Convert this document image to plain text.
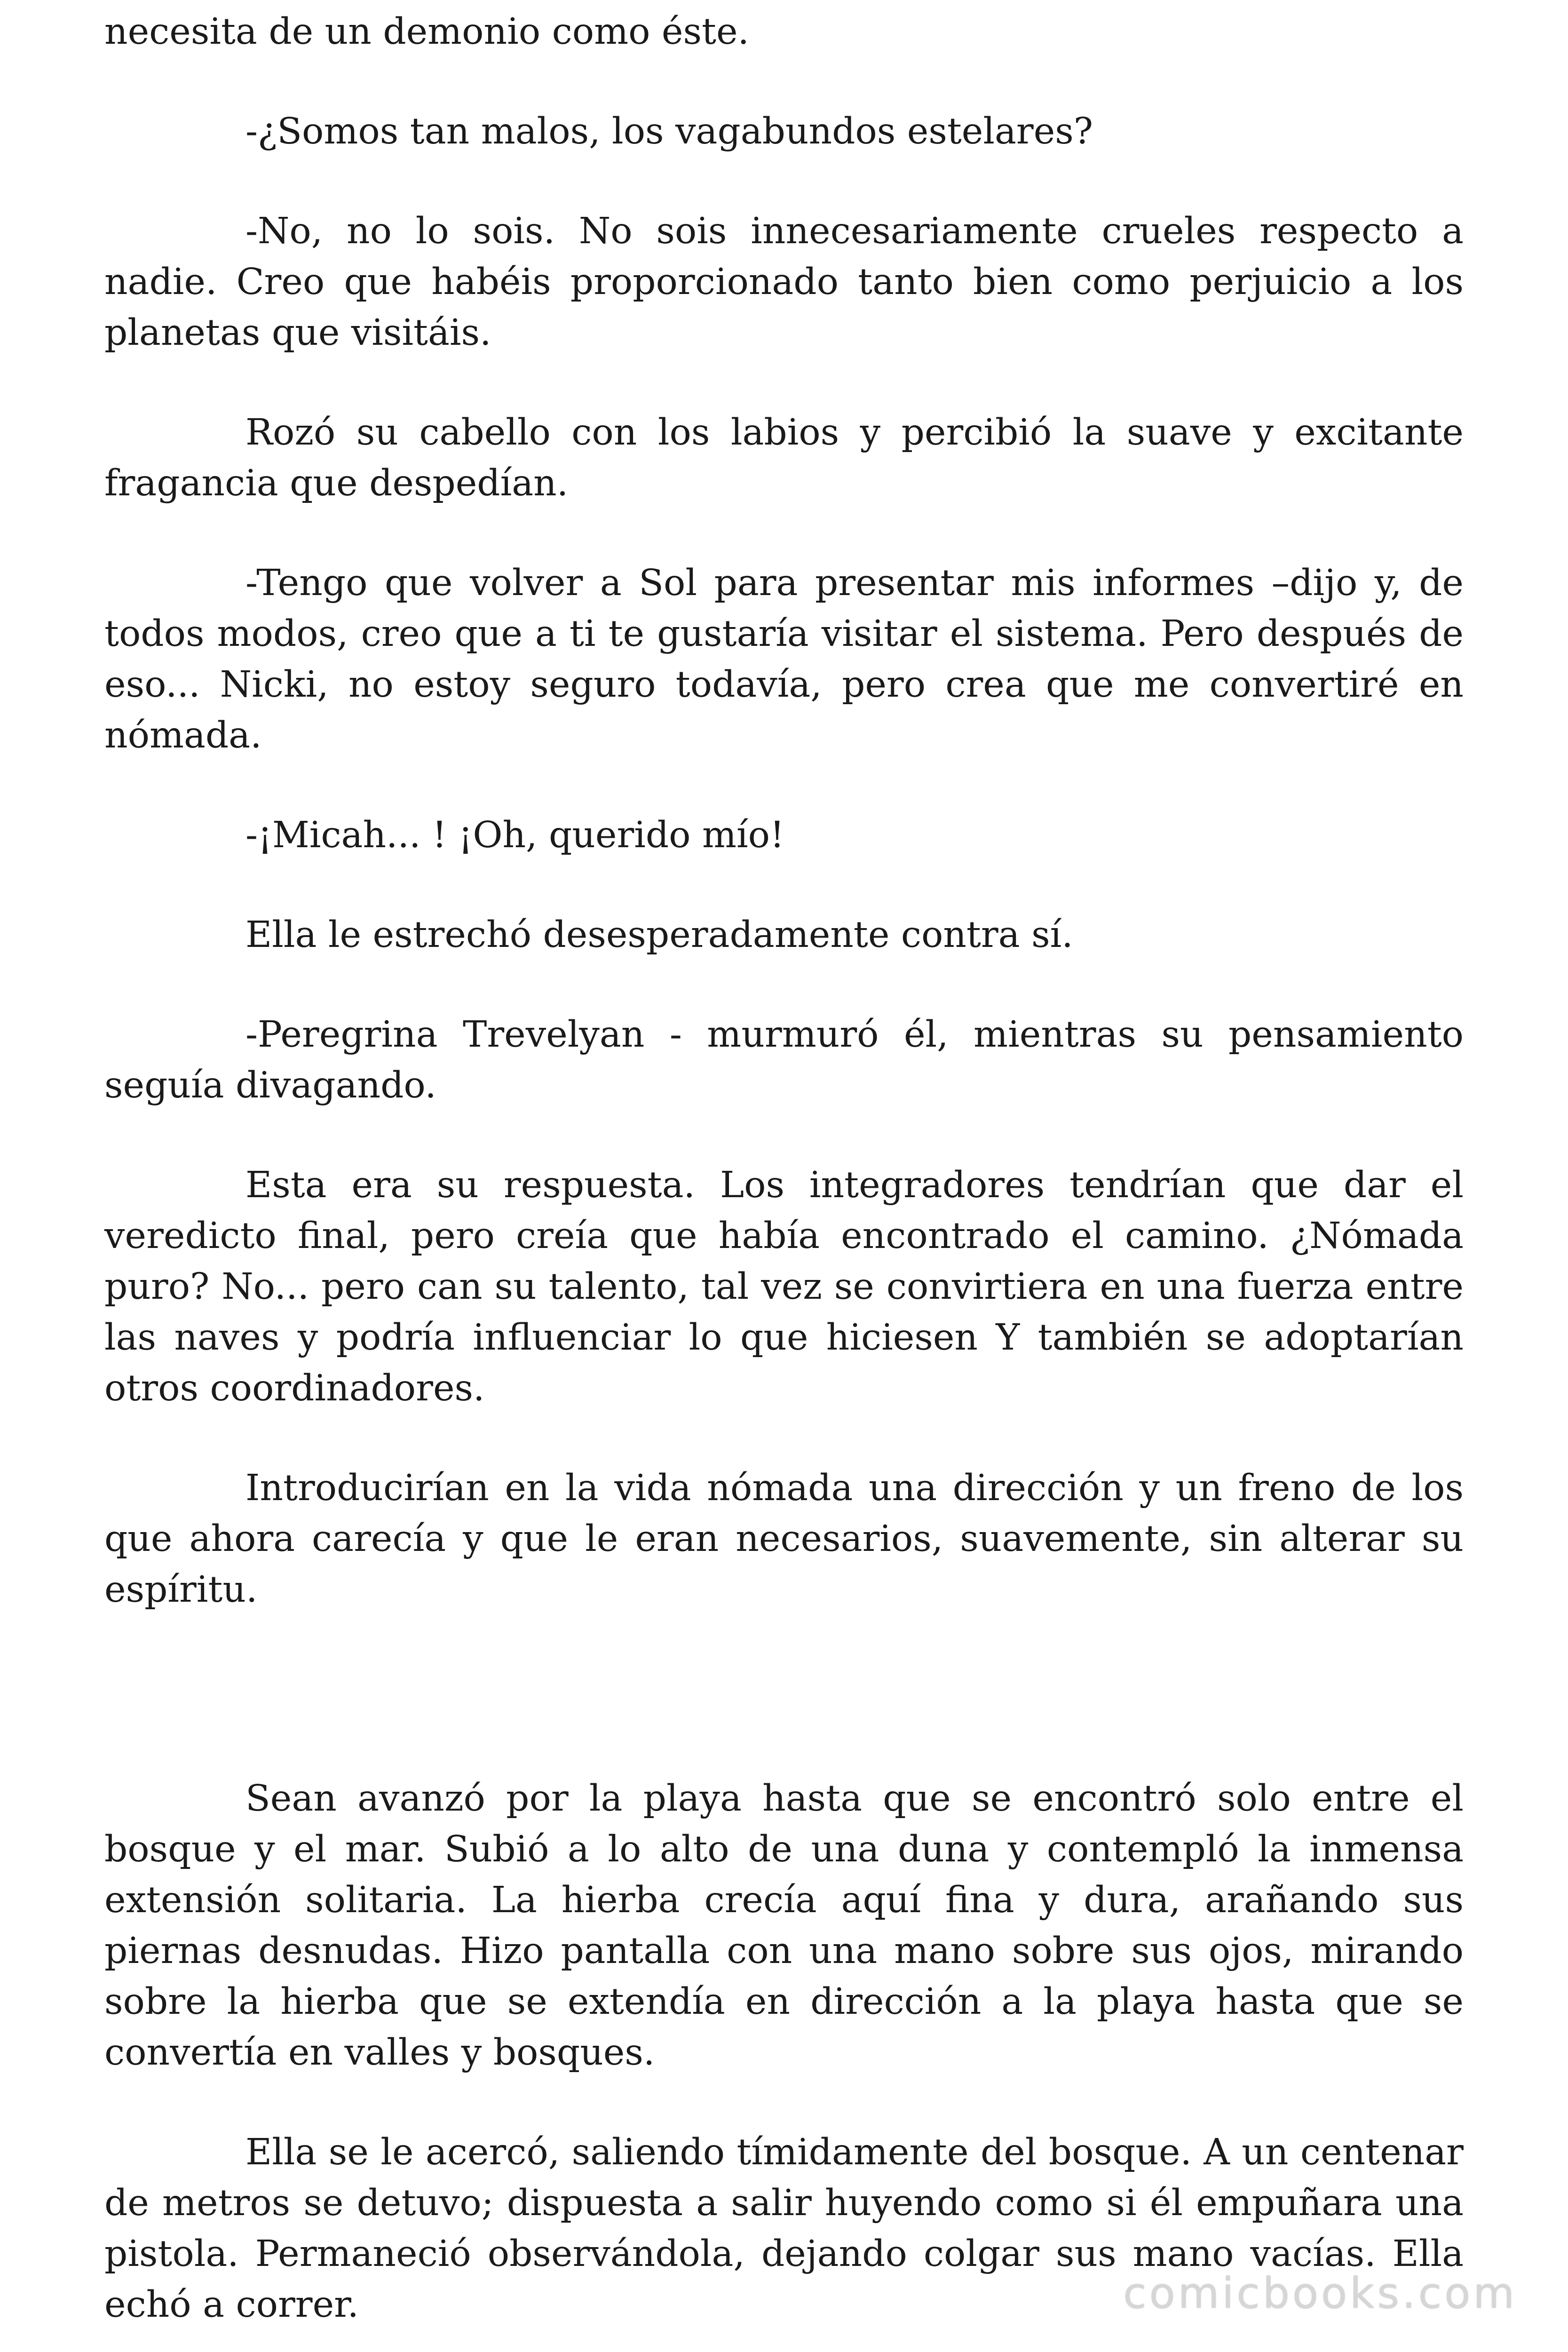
necesita de un demonio como éste.

-¿Somos tan malos, los vagabundos estelares?

-No, no lo sois. No sois innecesariamente crueles respecto a nadie. Creo que habéis proporcionado tanto bien como perjuicio a los planetas que visitáis.

Rozó su cabello con los labios y percibió la suave y excitante fragancia que despedían.

-Tengo que volver a Sol para presentar mis informes –dijo y, de todos modos, creo que a ti te gustaría visitar el sistema. Pero después de eso... Nicki, no estoy seguro todavía, pero crea que me convertiré en nómada.

-¡Micah... ! ¡Oh, querido mío!

Ella le estrechó desesperadamente contra sí.

-Peregrina Trevelyan - murmuró él, mientras su pensamiento seguía divagando.

Esta era su respuesta. Los integradores tendrían que dar el veredicto final, pero creía que había encontrado el camino. ¿Nómada puro? No... pero can su talento, tal vez se convirtiera en una fuerza entre las naves y podría influenciar lo que hiciesen Y también se adoptarían otros coordinadores.

Introducirían en la vida nómada una dirección y un freno de los que ahora carecía y que le eran necesarios, suavemente, sin alterar su espíritu.

Sean avanzó por la playa hasta que se encontró solo entre el bosque y el mar. Subió a lo alto de una duna y contempló la inmensa extensión solitaria. La hierba crecía aquí fina y dura, arañando sus piernas desnudas. Hizo pantalla con una mano sobre sus ojos, mirando sobre la hierba que se extendía en dirección a la playa hasta que se convertía en valles y bosques.

Ella se le acercó, saliendo tímidamente del bosque. A un centenar de metros se detuvo; dispuesta a salir huyendo como si él empuñara una pistola. Permaneció observándola, dejando colgar sus mano vacías. Ella echó a correr.	comicbooks.com
